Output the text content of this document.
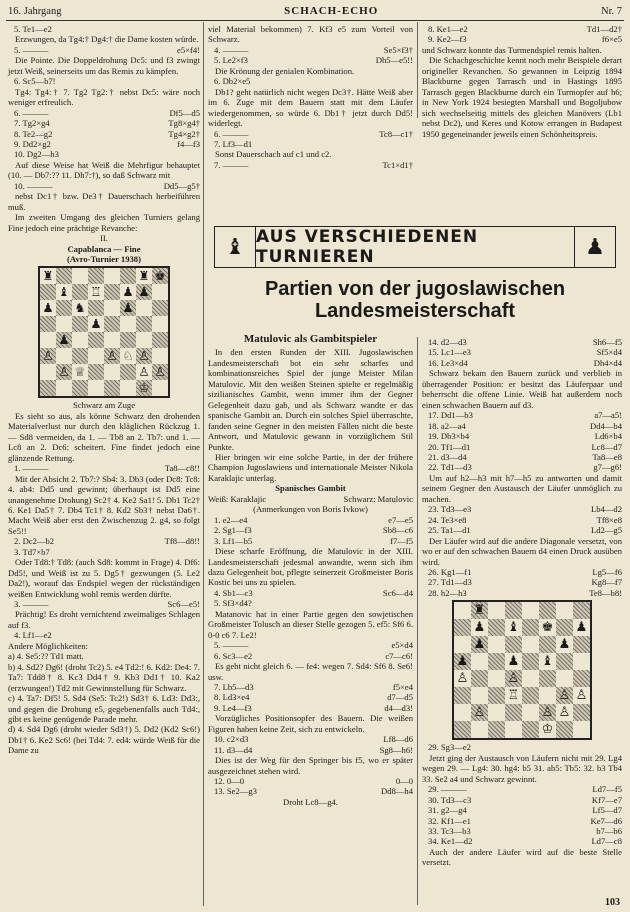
16. Jahrgang	SCHACH-ECHO	Nr. 7
5. Te1—e2

Erzwungen, da Tg4:† Dg4:† die Dame kosten würde.

5. ———	e5×f4!

Die Pointe. Die Doppeldrohung Dc5: und f3 zwingt jetzt Weiß, seinerseits um das Remis zu kämpfen.

6. Sc5—b7!

Tg4: Tg4:† 7. Tg2 Tg2:† nebst Dc5: wäre noch weniger erfreulich.

6. ———	Df5—d5
7. Tg2×g4	Tg8×g4†
8. Te2—g2	Tg4×g2†
9. Dd2×g2	f4—f3
10. Dg2—h3

Auf diese Weise hat Weiß die Mehrfigur behauptet (10. — Db7:?? 11. Dh7:†), so daß Schwarz mit

10. ———	Dd5—g5†

nebst Dc1† bzw. De3† Dauerschach herbeiführen muß.

Im zweiten Umgang des gleichen Turniers gelang Fine jedoch eine prächtige Revanche:

II.
Capablanca — Fine
(Avro-Turnier 1938)
♜	♜ ♚
♝ ♖ ♟ ♟
♟ ♞	♟
♟
♟
♙	♙ ♘ ♙
♙ ♕	♙ ♙
♔
Schwarz am Zuge

Es sieht so aus, als könne Schwarz den drohenden Materialverlust nur durch den kläglichen Rückzug 1. — Sd8 vermeiden, da 1. — Tb8 an 2. Tb7: und 1. — Lc8 an 2. Dc6: scheitert. Fine findet jedoch eine glänzende Rettung.

1. ———	Ta8—c8!!

Mit der Absicht 2. Tb7:? Sb4: 3. Db3 (oder Dc8: Tc8: 4. ab4: Dd5 und gewinnt; überhaupt ist Dd5 eine unangenehme Drohung) Sc2† 4. Ke2 Sa1! 5. Db1 Tc2† 6. Ke1 Da5† 7. Db4 Tc1† 8. Kd2 Sb3† nebst Da6†. Macht Weiß aber erst den Zwischenzug 2. g4, so folgt Se5!!

2. Dc2—b2	Tf8—d8!!
3. Td7×b7

Oder Td8:† Td8: (auch Sd8: kommt in Frage) 4. Df6: Dd5!, und Weiß ist zu 5. Dg5† gezwungen (5. Le2 Da2!), worauf das Endspiel wegen der rückständigen weißen Entwicklung wohl remis werden dürfte.

3. ———	Sc6—e5!

Prächtig! Es droht vernichtend zweimaliges Schlagen auf f3.

4. Lf1—e2

Andere Möglichkeiten:

a) 4. Se5:?? Td1 matt.

b) 4. Sd2? Dg6! (droht Tc2) 5. e4 Td2:! 6. Kd2: De4: 7. Ta7: Tdd8† 8. Kc3 Dd4† 9. Kb3 Dd1† 10. Ka2 (erzwungen!) Td2 mit Gewinnstellung für Schwarz.

c) 4. Ta7: Df5! 5. Sd4 (Se5: Tc2!) Sd3† 6. Ld3: Dd3:, und gegen die Drohung e5, gegebenenfalls auch Td4:, gibt es keine genügende Parade mehr.

d) 4. Sd4 Dg6 (droht wieder Sd3†) 5. Dd2 (Kd2 Sc6!) Db1† 6. Ke2 Sc6! (bei Td4: 7. ed4: würde Weiß für die Dame zu

viel Material bekommen) 7. Kf3 e5 zum Vorteil von Schwarz.

4. ———	Se5×f3†
5. Le2×f3	Dh5—e5!!

Die Krönung der genialen Kombination.

6. Db2×e5

Db1? geht natürlich nicht wegen Dc3†. Hätte Weiß aber im 6. Zuge mit dem Bauern statt mit dem Läufer wiedergenommen, so würde 6. Db1† jetzt durch Dd5! widerlegt.

6. ———	Tc8—c1†
7. Lf3—d1

Sonst Dauerschach auf c1 und c2.

7. ———	Tc1×d1†
8. Ke1—e2	Td1—d2†
9. Ke2—f3	f6×e5

und Schwarz konnte das Turmendspiel remis halten.

Die Schachgeschichte kennt noch mehr Beispiele derart origineller Revanchen. So gewannen in Leipzig 1894 Blackburne gegen Tarrasch und in Hastings 1895 Tarrasch gegen Blackburne durch ein Turmopfer auf h6; in New York 1924 besiegten Marshall und Bogoljubow sich wechselseitig mittels des gleichen Manövers (Lb1 nebst Dc2), und Keres und Kotow errangen in Budapest 1950 gegeneinander jeweils einen Schönheitspreis.

♝ AUS VERSCHIEDENEN TURNIEREN	♟
Partien von der jugoslawischen Landesmeisterschaft
Matulovic als Gambitspieler

In den ersten Runden der XIII. Jugoslawischen Landesmeisterschaft bot ein sehr scharfes und kombinationsreiches Spiel der junge Meister Milan Matulovic. Mit den weißen Steinen spielte er regelmäßig sizilianisches Gambit, wenn immer ihm der Gegner Gelegenheit dazu gab, und als Schwarz wandte er das spanische Gambit an. Durch ein solches Spiel überraschte, fanden seine Gegner in den meisten Fällen nicht die beste Antwort, und Matulovic gewann in vorzüglichem Stil Punkte.

Hier bringen wir eine solche Partie, in der der frühere Champion Jugoslawiens und internationale Meister Nikola Karaklajic unterlag.

Spanisches Gambit
Weiß: Karaklajic	Schwarz: Matulovic
(Anmerkungen von Boris Ivkow)
1. e2—e4	e7—e5
2. Sg1—f3	Sb8—c6
3. Lf1—b5	f7—f5

Diese scharfe Eröffnung, die Matulovic in der XIII. Landesmeisterschaft jedesmal anwandte, wenn sich ihm dazu Gelegenheit bot, pflegte seinerzeit Großmeister Boris Kostic bei uns zu spielen.

4. Sb1—c3	Sc6—d4
5. Sf3×d4?

Matanovic hat in einer Partie gegen den sowjetischen Großmeister Tolusch an dieser Stelle gezogen 5. ef5: Sf6 6. 0-0 c6 7. Le2!

5. ———	e5×d4
6. Sc3—e2	c7—c6!

Es geht nicht gleich 6. — fe4: wegen 7. Sd4: Sf6 8. Se6! usw.

7. Lb5—d3	f5×e4
8. Ld3×e4	d7—d5
9. Le4—f3	d4—d3!

Vorzügliches Positionsopfer des Bauern. Die weißen Figuren haben keine Zeit, sich zu entwickeln.

10. c2×d3	Lf8—d6
11. d3—d4	Sg8—h6!

Dies ist der Weg für den Springer bis f5, wo er später ausgezeichnet stehen wird.

12. 0—0	0—0
13. Se2—g3	Dd8—h4
Droht Lc8—g4.
14. d2—d3	Sh6—f5
15. Lc1—e3	Sf5×d4
16. Le3×d4	Dh4×d4

Schwarz bekam den Bauern zurück und verblieb in überragender Position: er besitzt das Läuferpaar und beherrscht die offene Linie. Weiß hat außerdem noch einen schwachen Bauern auf d3.

17. Dd1—b3	a7—a5!
18. a2—a4	Dd4—b4
19. Db3×b4	Ld6×b4
20. Tf1—d1	Lc8—d7
21. d3—d4	Ta8—e8
22. Td1—d3	g7—g6!

Um auf h2—h3 mit h7—h5 zu antworten und damit seinem Gegner den Austausch der Läufer unmöglich zu machen.

23. Td3—e3	Lb4—d2
24. Te3×e8	Tf8×e8
25. Ta1—d1	Ld2—g5

Der Läufer wird auf die andere Diagonale versetzt, von wo er auf den schwachen Bauern d4 einen Druck ausüben wird.

26. Kg1—f1	Lg5—f6
27. Td1—d3	Kg8—f7
28. h2—h3	Te8—b8!
♜
♟ ♝ ♚ ♟
♟	♟
♟	♟ ♝
♙	♙
♖	♙ ♙
♙	♙ ♙
♔
29. Sg3—e2

Jetzt ging der Austausch von Läufern nicht mit 29. Lg4 wegen 29. — Lg4: 30. hg4: b5 31. ab5: Tb5: 32. b3 Tb4 33. Se2 a4 und Schwarz gewinnt.

29. ———	Ld7—f5
30. Td3—c3	Kf7—e7
31. g2—g4	Lf5—d7
32. Kf1—e1	Ke7—d6
33. Tc3—b3	b7—b6
34. Ke1—d2	Ld7—c8

Auch der andere Läufer wird auf die beste Stelle versetzt.

103
